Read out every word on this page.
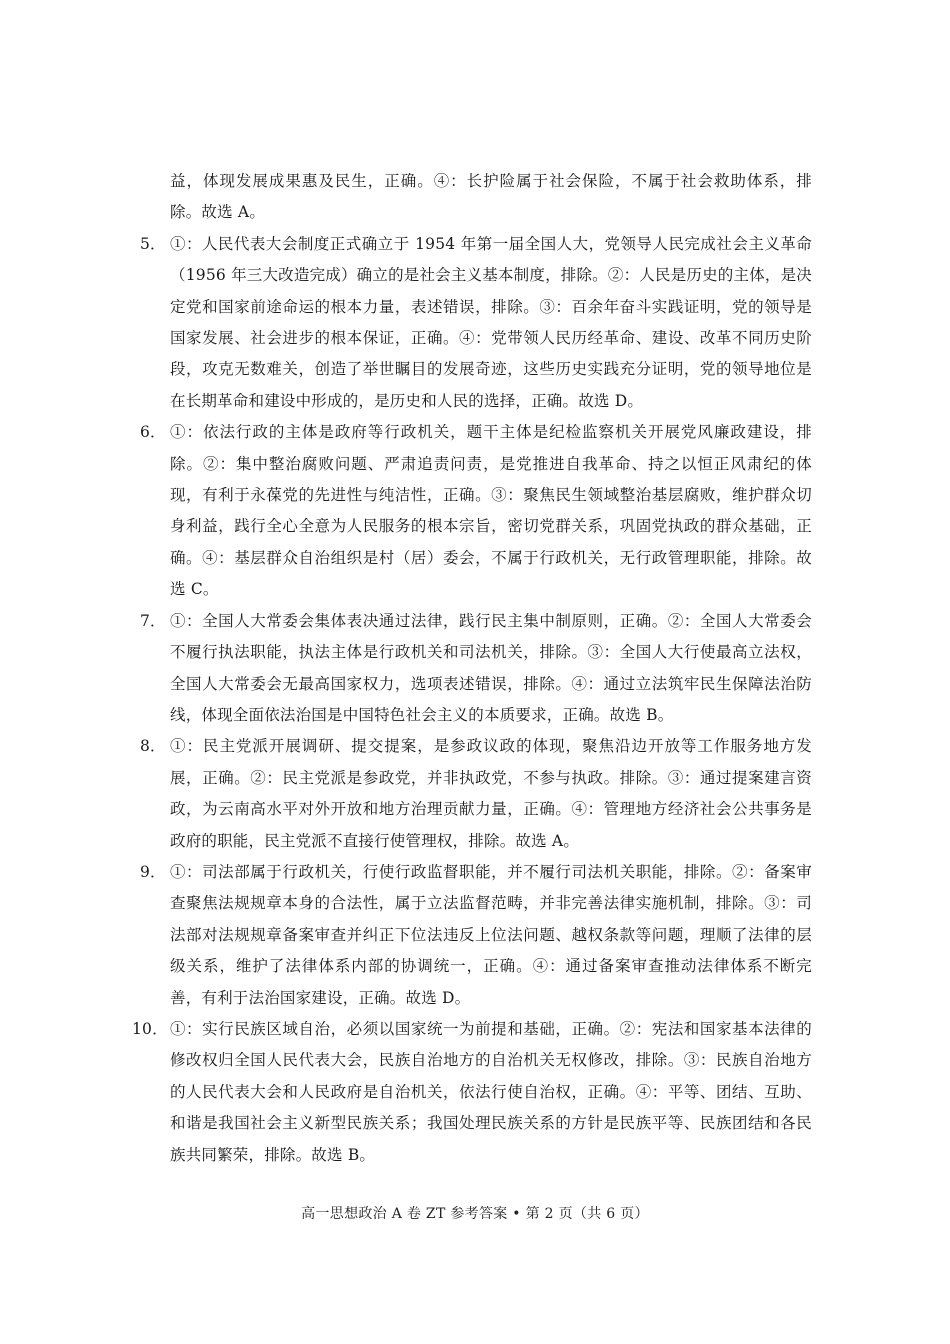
益，体现发展成果惠及民生，正确。④：长护险属于社会保险，不属于社会救助体系，排除。故选 A。
5． ①：人民代表大会制度正式确立于 1954 年第一届全国人大，党领导人民完成社会主义革命（1956 年三大改造完成）确立的是社会主义基本制度，排除。②：人民是历史的主体，是决定党和国家前途命运的根本力量，表述错误，排除。③：百余年奋斗实践证明，党的领导是国家发展、社会进步的根本保证，正确。④：党带领人民历经革命、建设、改革不同历史阶段，攻克无数难关，创造了举世瞩目的发展奇迹，这些历史实践充分证明，党的领导地位是在长期革命和建设中形成的，是历史和人民的选择，正确。故选 D。
6． ①：依法行政的主体是政府等行政机关，题干主体是纪检监察机关开展党风廉政建设，排除。②：集中整治腐败问题、严肃追责问责，是党推进自我革命、持之以恒正风肃纪的体现，有利于永葆党的先进性与纯洁性，正确。③：聚焦民生领域整治基层腐败，维护群众切身利益，践行全心全意为人民服务的根本宗旨，密切党群关系，巩固党执政的群众基础，正确。④：基层群众自治组织是村（居）委会，不属于行政机关，无行政管理职能，排除。故选 C。
7． ①：全国人大常委会集体表决通过法律，践行民主集中制原则，正确。②：全国人大常委会不履行执法职能，执法主体是行政机关和司法机关，排除。③：全国人大行使最高立法权，全国人大常委会无最高国家权力，选项表述错误，排除。④：通过立法筑牢民生保障法治防线，体现全面依法治国是中国特色社会主义的本质要求，正确。故选 B。
8． ①：民主党派开展调研、提交提案，是参政议政的体现，聚焦沿边开放等工作服务地方发展，正确。②：民主党派是参政党，并非执政党，不参与执政。排除。③：通过提案建言资政，为云南高水平对外开放和地方治理贡献力量，正确。④：管理地方经济社会公共事务是政府的职能，民主党派不直接行使管理权，排除。故选 A。
9． ①：司法部属于行政机关，行使行政监督职能，并不履行司法机关职能，排除。②：备案审查聚焦法规规章本身的合法性，属于立法监督范畴，并非完善法律实施机制，排除。③：司法部对法规规章备案审查并纠正下位法违反上位法问题、越权条款等问题，理顺了法律的层级关系，维护了法律体系内部的协调统一，正确。④：通过备案审查推动法律体系不断完善，有利于法治国家建设，正确。故选 D。
10． ①：实行民族区域自治，必须以国家统一为前提和基础，正确。②：宪法和国家基本法律的修改权归全国人民代表大会，民族自治地方的自治机关无权修改，排除。③：民族自治地方的人民代表大会和人民政府是自治机关，依法行使自治权，正确。④：平等、团结、互助、和谐是我国社会主义新型民族关系；我国处理民族关系的方针是民族平等、民族团结和各民族共同繁荣，排除。故选 B。
高一思想政治 A 卷 ZT 参考答案 • 第 2 页（共 6 页）
